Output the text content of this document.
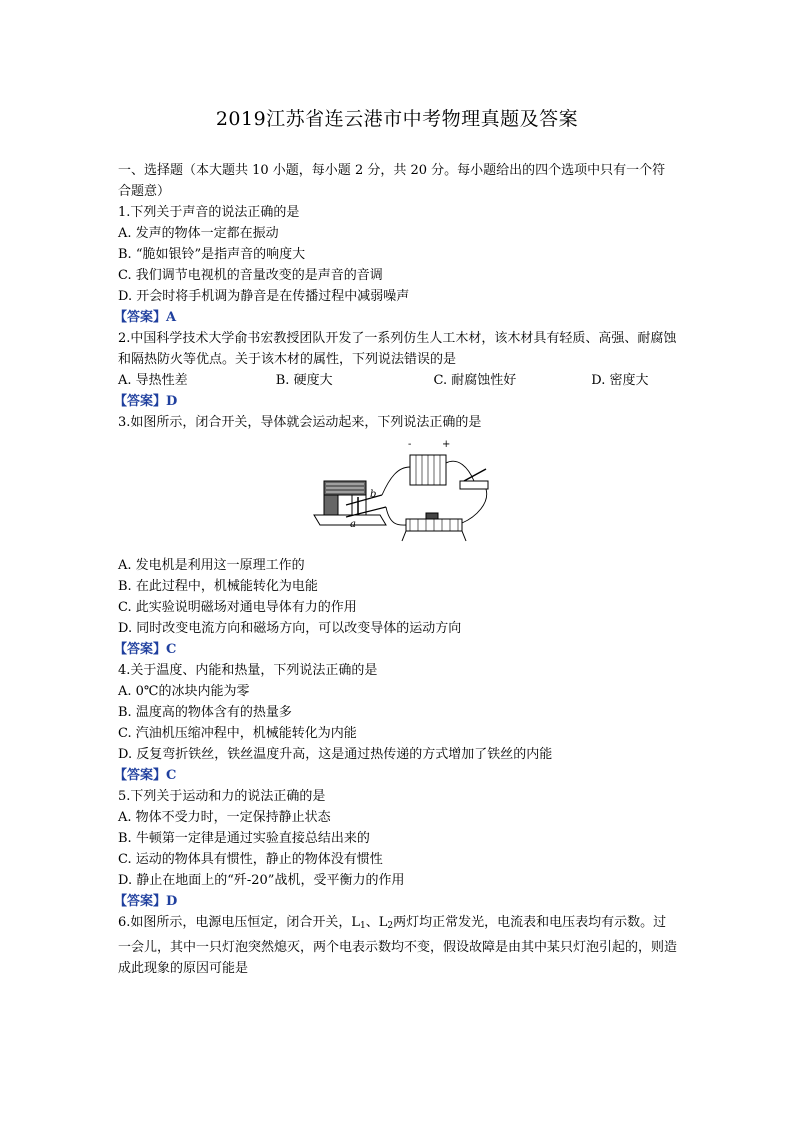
2019江苏省连云港市中考物理真题及答案
一、选择题（本大题共 10 小题，每小题 2 分，共 20 分。每小题给出的四个选项中只有一个符合题意）
1.下列关于声音的说法正确的是
A. 发声的物体一定都在振动
B. “脆如银铃”是指声音的响度大
C. 我们调节电视机的音量改变的是声音的音调
D. 开会时将手机调为静音是在传播过程中减弱噪声
【答案】A
2.中国科学技术大学俞书宏教授团队开发了一系列仿生人工木材，该木材具有轻质、高强、耐腐蚀和隔热防火等优点。关于该木材的属性，下列说法错误的是
A. 导热性差	B. 硬度大	C. 耐腐蚀性好	D. 密度大
【答案】D
3.如图所示，闭合开关，导体就会运动起来，下列说法正确的是
b
a
-	+
A. 发电机是利用这一原理工作的
B. 在此过程中，机械能转化为电能
C. 此实验说明磁场对通电导体有力的作用
D. 同时改变电流方向和磁场方向，可以改变导体的运动方向
【答案】C
4.关于温度、内能和热量，下列说法正确的是
A. 0℃的冰块内能为零
B. 温度高的物体含有的热量多
C. 汽油机压缩冲程中，机械能转化为内能
D. 反复弯折铁丝，铁丝温度升高，这是通过热传递的方式增加了铁丝的内能
【答案】C
5.下列关于运动和力的说法正确的是
A. 物体不受力时，一定保持静止状态
B. 牛顿第一定律是通过实验直接总结出来的
C. 运动的物体具有惯性，静止的物体没有惯性
D. 静止在地面上的“歼-20”战机，受平衡力的作用
【答案】D
6.如图所示，电源电压恒定，闭合开关，$L_1$、$L_2$两灯均正常发光，电流表和电压表均有示数。过一会儿，其中一只灯泡突然熄灭，两个电表示数均不变，假设故障是由其中某只灯泡引起的，则造成此现象的原因可能是
